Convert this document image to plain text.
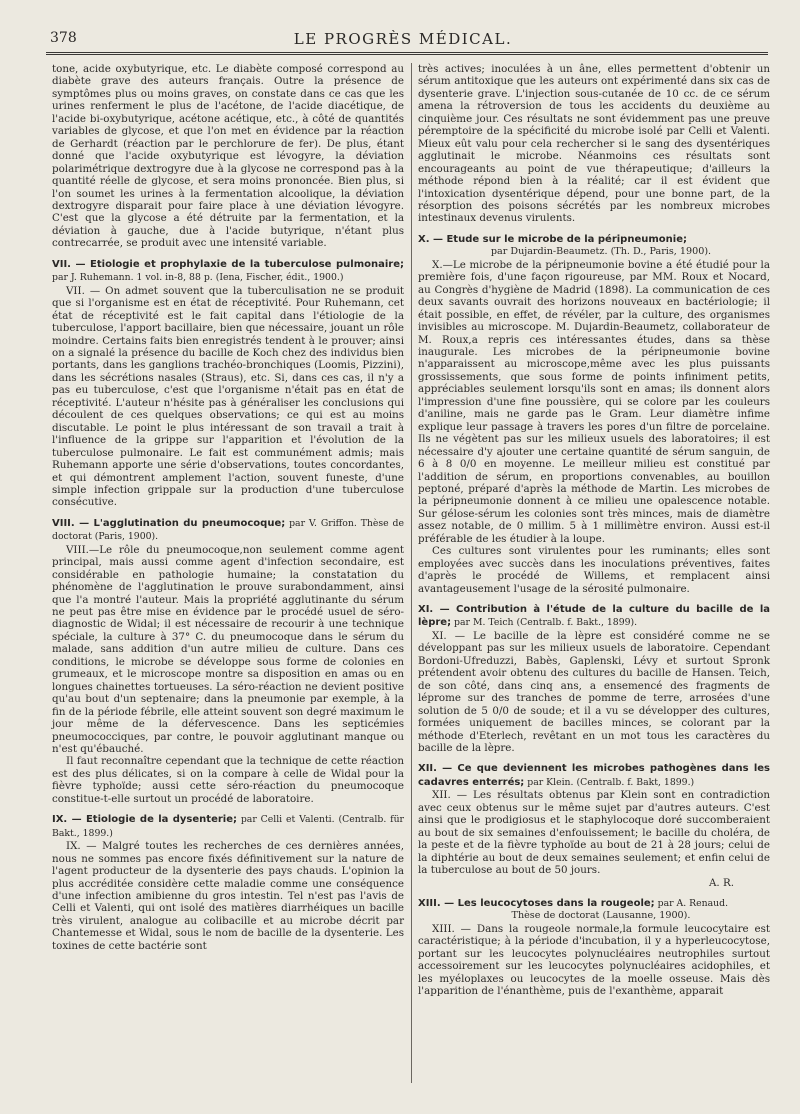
378	LE PROGRÈS MÉDICAL.

tone, acide oxybutyrique, etc. Le diabète composé correspond au diabète grave des auteurs français. Outre la présence de symptômes plus ou moins graves, on constate dans ce cas que les urines renferment le plus de l'acétone, de l'acide diacétique, de l'acide bi-oxybutyrique, acétone acétique, etc., à côté de quantités variables de glycose, et que l'on met en évidence par la réaction de Gerhardt (réaction par le perchlorure de fer). De plus, étant donné que l'acide oxybutyrique est lévogyre, la déviation polarimétrique dextrogyre due à la glycose ne correspond pas à la quantité réelle de glycose, et sera moins prononcée. Bien plus, si l'on soumet les urines à la fermentation alcoolique, la déviation dextrogyre disparait pour faire place à une déviation lévogyre. C'est que la glycose a été détruite par la fermentation, et la déviation à gauche, due à l'acide butyrique, n'étant plus contrecarrée, se produit avec une intensité variable.

VII. — Etiologie et prophylaxie de la tuberculose pulmonaire; par J. Ruhemann. 1 vol. in-8, 88 p. (Iena, Fischer, édit., 1900.)

VII. — On admet souvent que la tuberculisation ne se produit que si l'organisme est en état de réceptivité. Pour Ruhemann, cet état de réceptivité est le fait capital dans l'étiologie de la tuberculose, l'apport bacillaire, bien que nécessaire, jouant un rôle moindre. Certains faits bien enregistrés tendent à le prouver; ainsi on a signalé la présence du bacille de Koch chez des individus bien portants, dans les ganglions trachéo-bronchiques (Loomis, Pizzini), dans les sécrétions nasales (Straus), etc. Si, dans ces cas, il n'y a pas eu tuberculose, c'est que l'organisme n'était pas en état de réceptivité. L'auteur n'hésite pas à généraliser les conclusions qui découlent de ces quelques observations; ce qui est au moins discutable. Le point le plus intéressant de son travail a trait à l'influence de la grippe sur l'apparition et l'évolution de la tuberculose pulmonaire. Le fait est communément admis; mais Ruhemann apporte une série d'observations, toutes concordantes, et qui démontrent amplement l'action, souvent funeste, d'une simple infection grippale sur la production d'une tuberculose consécutive.

VIII. — L'agglutination du pneumocoque; par V. Griffon. Thèse de doctorat (Paris, 1900).

VIII.—Le rôle du pneumocoque,non seulement comme agent principal, mais aussi comme agent d'infection secondaire, est considérable en pathologie humaine; la constatation du phénomène de l'agglutination le prouve surabondamment, ainsi que l'a montré l'auteur. Mais la propriété agglutinante du sérum ne peut pas être mise en évidence par le procédé usuel de séro-diagnostic de Widal; il est nécessaire de recourir à une technique spéciale, la culture à 37° C. du pneumocoque dans le sérum du malade, sans addition d'un autre milieu de culture. Dans ces conditions, le microbe se développe sous forme de colonies en grumeaux, et le microscope montre sa disposition en amas ou en longues chainettes tortueuses. La séro-réaction ne devient positive qu'au bout d'un septenaire; dans la pneumonie par exemple, à la fin de la période fébrile, elle atteint souvent son degré maximum le jour même de la défervescence. Dans les septicémies pneumococciques, par contre, le pouvoir agglutinant manque ou n'est qu'ébauché.

Il faut reconnaître cependant que la technique de cette réaction est des plus délicates, si on la compare à celle de Widal pour la fièvre typhoïde; aussi cette séro-réaction du pneumocoque constitue-t-elle surtout un procédé de laboratoire.

IX. — Etiologie de la dysenterie; par Celli et Valenti. (Centralb. für Bakt., 1899.)

IX. — Malgré toutes les recherches de ces dernières années, nous ne sommes pas encore fixés définitivement sur la nature de l'agent producteur de la dysenterie des pays chauds. L'opinion la plus accréditée considère cette maladie comme une conséquence d'une infection amibienne du gros intestin. Tel n'est pas l'avis de Celli et Valenti, qui ont isolé des matières diarrhéiques un bacille très virulent, analogue au colibacille et au microbe décrit par Chantemesse et Widal, sous le nom de bacille de la dysenterie. Les toxines de cette bactérie sont

très actives; inoculées à un âne, elles permettent d'obtenir un sérum antitoxique que les auteurs ont expérimenté dans six cas de dysenterie grave. L'injection sous-cutanée de 10 cc. de ce sérum amena la rétroversion de tous les accidents du deuxième au cinquième jour. Ces résultats ne sont évidemment pas une preuve péremptoire de la spécificité du microbe isolé par Celli et Valenti. Mieux eût valu pour cela rechercher si le sang des dysentériques agglutinait le microbe. Néanmoins ces résultats sont encourageants au point de vue thérapeutique; d'ailleurs la méthode répond bien à la réalité; car il est évident que l'intoxication dysentérique dépend, pour une bonne part, de la résorption des poisons sécrétés par les nombreux microbes intestinaux devenus virulents.

X. — Etude sur le microbe de la péripneumonie;

par Dujardin-Beaumetz. (Th. D., Paris, 1900).

X.—Le microbe de la péripneumonie bovine a été étudié pour la première fois, d'une façon rigoureuse, par MM. Roux et Nocard, au Congrès d'hygiène de Madrid (1898). La communication de ces deux savants ouvrait des horizons nouveaux en bactériologie; il était possible, en effet, de révéler, par la culture, des organismes invisibles au microscope. M. Dujardin-Beaumetz, collaborateur de M. Roux,a repris ces intéressantes études, dans sa thèse inaugurale. Les microbes de la péripneumonie bovine n'apparaissent au microscope,même avec les plus puissants grossissements, que sous forme de points infiniment petits, appréciables seulement lorsqu'ils sont en amas; ils donnent alors l'impression d'une fine poussière, qui se colore par les couleurs d'aniline, mais ne garde pas le Gram. Leur diamètre infime explique leur passage à travers les pores d'un filtre de porcelaine. Ils ne végètent pas sur les milieux usuels des laboratoires; il est nécessaire d'y ajouter une certaine quantité de sérum sanguin, de 6 à 8 0/0 en moyenne. Le meilleur milieu est constitué par l'addition de sérum, en proportions convenables, au bouillon peptoné, préparé d'après la méthode de Martin. Les microbes de la péripneumonie donnent à ce milieu une opalescence notable. Sur gélose-sérum les colonies sont très minces, mais de diamètre assez notable, de 0 millim. 5 à 1 millimètre environ. Aussi est-il préférable de les étudier à la loupe.

Ces cultures sont virulentes pour les ruminants; elles sont employées avec succès dans les inoculations préventives, faites d'après le procédé de Willems, et remplacent ainsi avantageusement l'usage de la sérosité pulmonaire.

XI. — Contribution à l'étude de la culture du bacille de la lèpre; par M. Teich (Centralb. f. Bakt., 1899).

XI. — Le bacille de la lèpre est considéré comme ne se développant pas sur les milieux usuels de laboratoire. Cependant Bordoni-Ufreduzzi, Babès, Gaplenski, Lévy et surtout Spronk prétendent avoir obtenu des cultures du bacille de Hansen. Teich, de son côté, dans cinq ans, a ensemencé des fragments de léprome sur des tranches de pomme de terre, arrosées d'une solution de 5 0/0 de soude; et il a vu se développer des cultures, formées uniquement de bacilles minces, se colorant par la méthode d'Eterlech, revêtant en un mot tous les caractères du bacille de la lèpre.

XII. — Ce que deviennent les microbes pathogènes dans les cadavres enterrés; par Klein. (Centralb. f. Bakt, 1899.)

XII. — Les résultats obtenus par Klein sont en contradiction avec ceux obtenus sur le même sujet par d'autres auteurs. C'est ainsi que le prodigiosus et le staphylocoque doré succomberaient au bout de six semaines d'enfouissement; le bacille du choléra, de la peste et de la fièvre typhoïde au bout de 21 à 28 jours; celui de la diphtérie au bout de deux semaines seulement; et enfin celui de la tuberculose au bout de 50 jours.

A. R.

XIII. — Les leucocytoses dans la rougeole; par A. Renaud.

Thèse de doctorat (Lausanne, 1900).

XIII. — Dans la rougeole normale,la formule leucocytaire est caractéristique; à la période d'incubation, il y a hyperleucocytose, portant sur les leucocytes polynucléaires neutrophiles surtout accessoirement sur les leucocytes polynucléaires acidophiles, et les myéloplaxes ou leucocytes de la moelle osseuse. Mais dès l'apparition de l'énanthème, puis de l'exanthème, apparait
